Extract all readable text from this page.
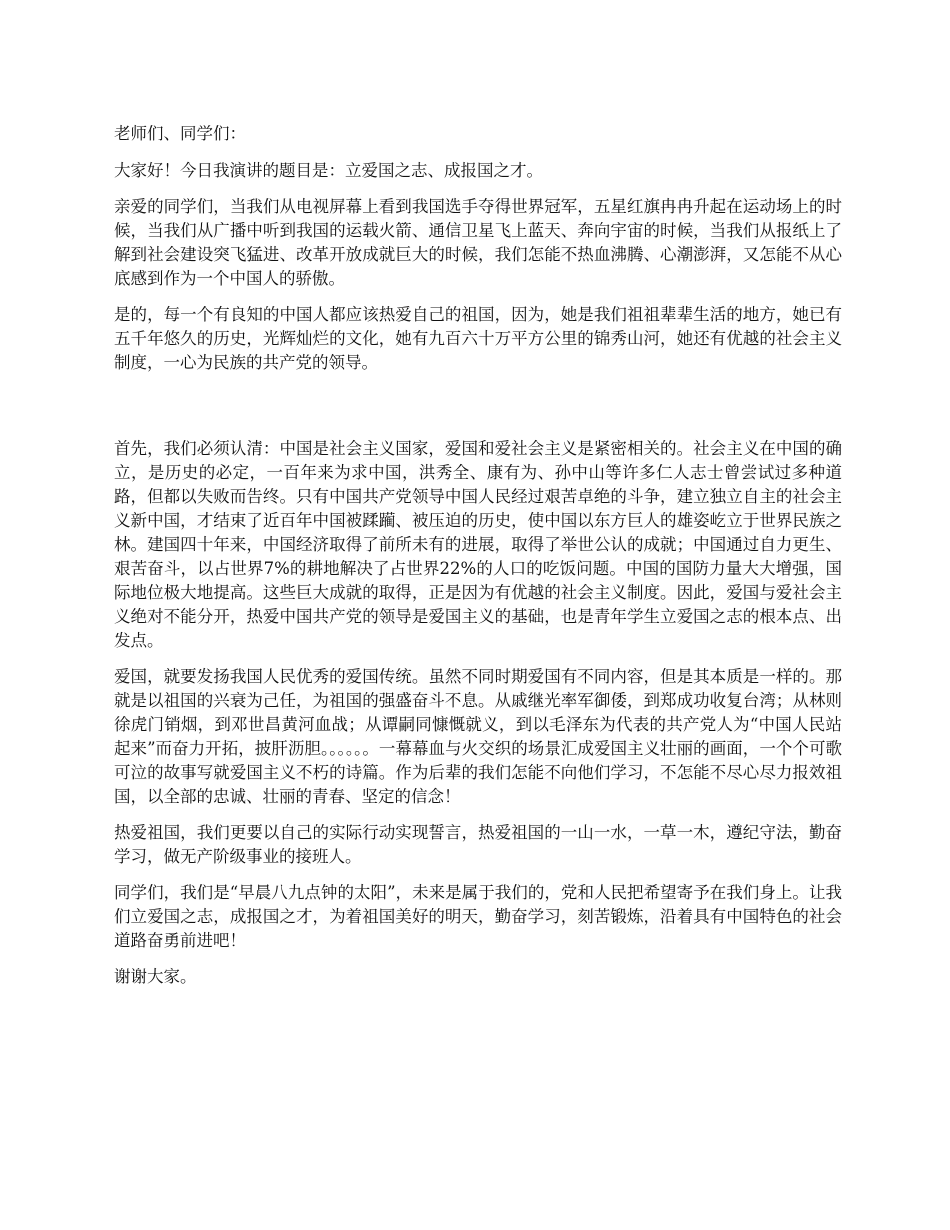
老师们、同学们：

大家好！今日我演讲的题目是：立爱国之志、成报国之才。

亲爱的同学们，当我们从电视屏幕上看到我国选手夺得世界冠军，五星红旗冉冉升起在运动场上的时候，当我们从广播中听到我国的运载火箭、通信卫星飞上蓝天、奔向宇宙的时候，当我们从报纸上了解到社会建设突飞猛进、改革开放成就巨大的时候，我们怎能不热血沸腾、心潮澎湃，又怎能不从心底感到作为一个中国人的骄傲。

是的，每一个有良知的中国人都应该热爱自己的祖国，因为，她是我们祖祖辈辈生活的地方，她已有五千年悠久的历史，光辉灿烂的文化，她有九百六十万平方公里的锦秀山河，她还有优越的社会主义制度，一心为民族的共产党的领导。

首先，我们必须认清：中国是社会主义国家，爱国和爱社会主义是紧密相关的。社会主义在中国的确立，是历史的必定，一百年来为求中国，洪秀全、康有为、孙中山等许多仁人志士曾尝试过多种道路，但都以失败而告终。只有中国共产党领导中国人民经过艰苦卓绝的斗争，建立独立自主的社会主义新中国，才结束了近百年中国被蹂躏、被压迫的历史，使中国以东方巨人的雄姿屹立于世界民族之林。建国四十年来，中国经济取得了前所未有的进展，取得了举世公认的成就；中国通过自力更生、艰苦奋斗，以占世界7%的耕地解决了占世界22%的人口的吃饭问题。中国的国防力量大大增强，国际地位极大地提高。这些巨大成就的取得，正是因为有优越的社会主义制度。因此，爱国与爱社会主义绝对不能分开，热爱中国共产党的领导是爱国主义的基础，也是青年学生立爱国之志的根本点、出发点。

爱国，就要发扬我国人民优秀的爱国传统。虽然不同时期爱国有不同内容，但是其本质是一样的。那就是以祖国的兴衰为己任，为祖国的强盛奋斗不息。从戚继光率军御倭，到郑成功收复台湾；从林则徐虎门销烟，到邓世昌黄河血战；从谭嗣同慷慨就义，到以毛泽东为代表的共产党人为“中国人民站起来”而奋力开拓，披肝沥胆。。。。。。一幕幕血与火交织的场景汇成爱国主义壮丽的画面，一个个可歌可泣的故事写就爱国主义不朽的诗篇。作为后辈的我们怎能不向他们学习，不怎能不尽心尽力报效祖国，以全部的忠诚、壮丽的青春、坚定的信念！

热爱祖国，我们更要以自己的实际行动实现誓言，热爱祖国的一山一水，一草一木，遵纪守法，勤奋学习，做无产阶级事业的接班人。

同学们，我们是“早晨八九点钟的太阳”，未来是属于我们的，党和人民把希望寄予在我们身上。让我们立爱国之志，成报国之才，为着祖国美好的明天，勤奋学习，刻苦锻炼，沿着具有中国特色的社会道路奋勇前进吧！

谢谢大家。
